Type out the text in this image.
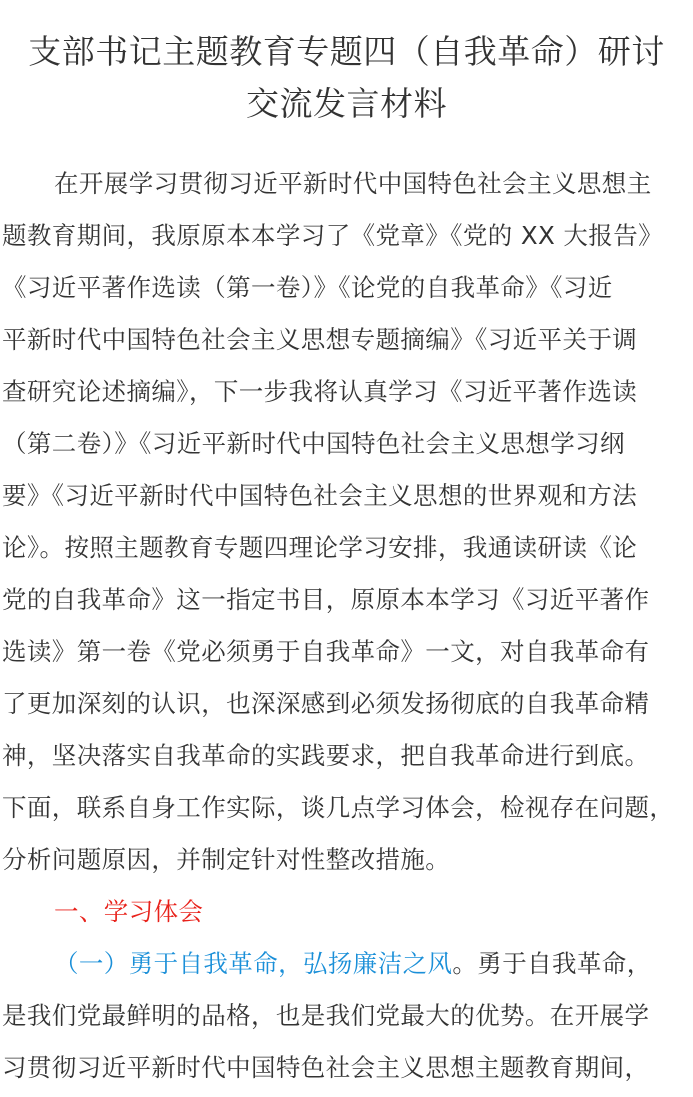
支部书记主题教育专题四（自我革命）研讨
交流发言材料
在开展学习贯彻习近平新时代中国特色社会主义思想主
题教育期间，我原原本本学习了《党章》《党的 XX 大报告》
《习近平著作选读（第一卷）》《论党的自我革命》《习近
平新时代中国特色社会主义思想专题摘编》《习近平关于调
查研究论述摘编》，下一步我将认真学习《习近平著作选读
（第二卷）》《习近平新时代中国特色社会主义思想学习纲
要》《习近平新时代中国特色社会主义思想的世界观和方法
论》。按照主题教育专题四理论学习安排，我通读研读《论
党的自我革命》这一指定书目，原原本本学习《习近平著作
选读》第一卷《党必须勇于自我革命》一文，对自我革命有
了更加深刻的认识，也深深感到必须发扬彻底的自我革命精
神，坚决落实自我革命的实践要求，把自我革命进行到底。
下面，联系自身工作实际，谈几点学习体会，检视存在问题，
分析问题原因，并制定针对性整改措施。
一、学习体会
（一）勇于自我革命，弘扬廉洁之风。勇于自我革命，
是我们党最鲜明的品格，也是我们党最大的优势。在开展学
习贯彻习近平新时代中国特色社会主义思想主题教育期间，
